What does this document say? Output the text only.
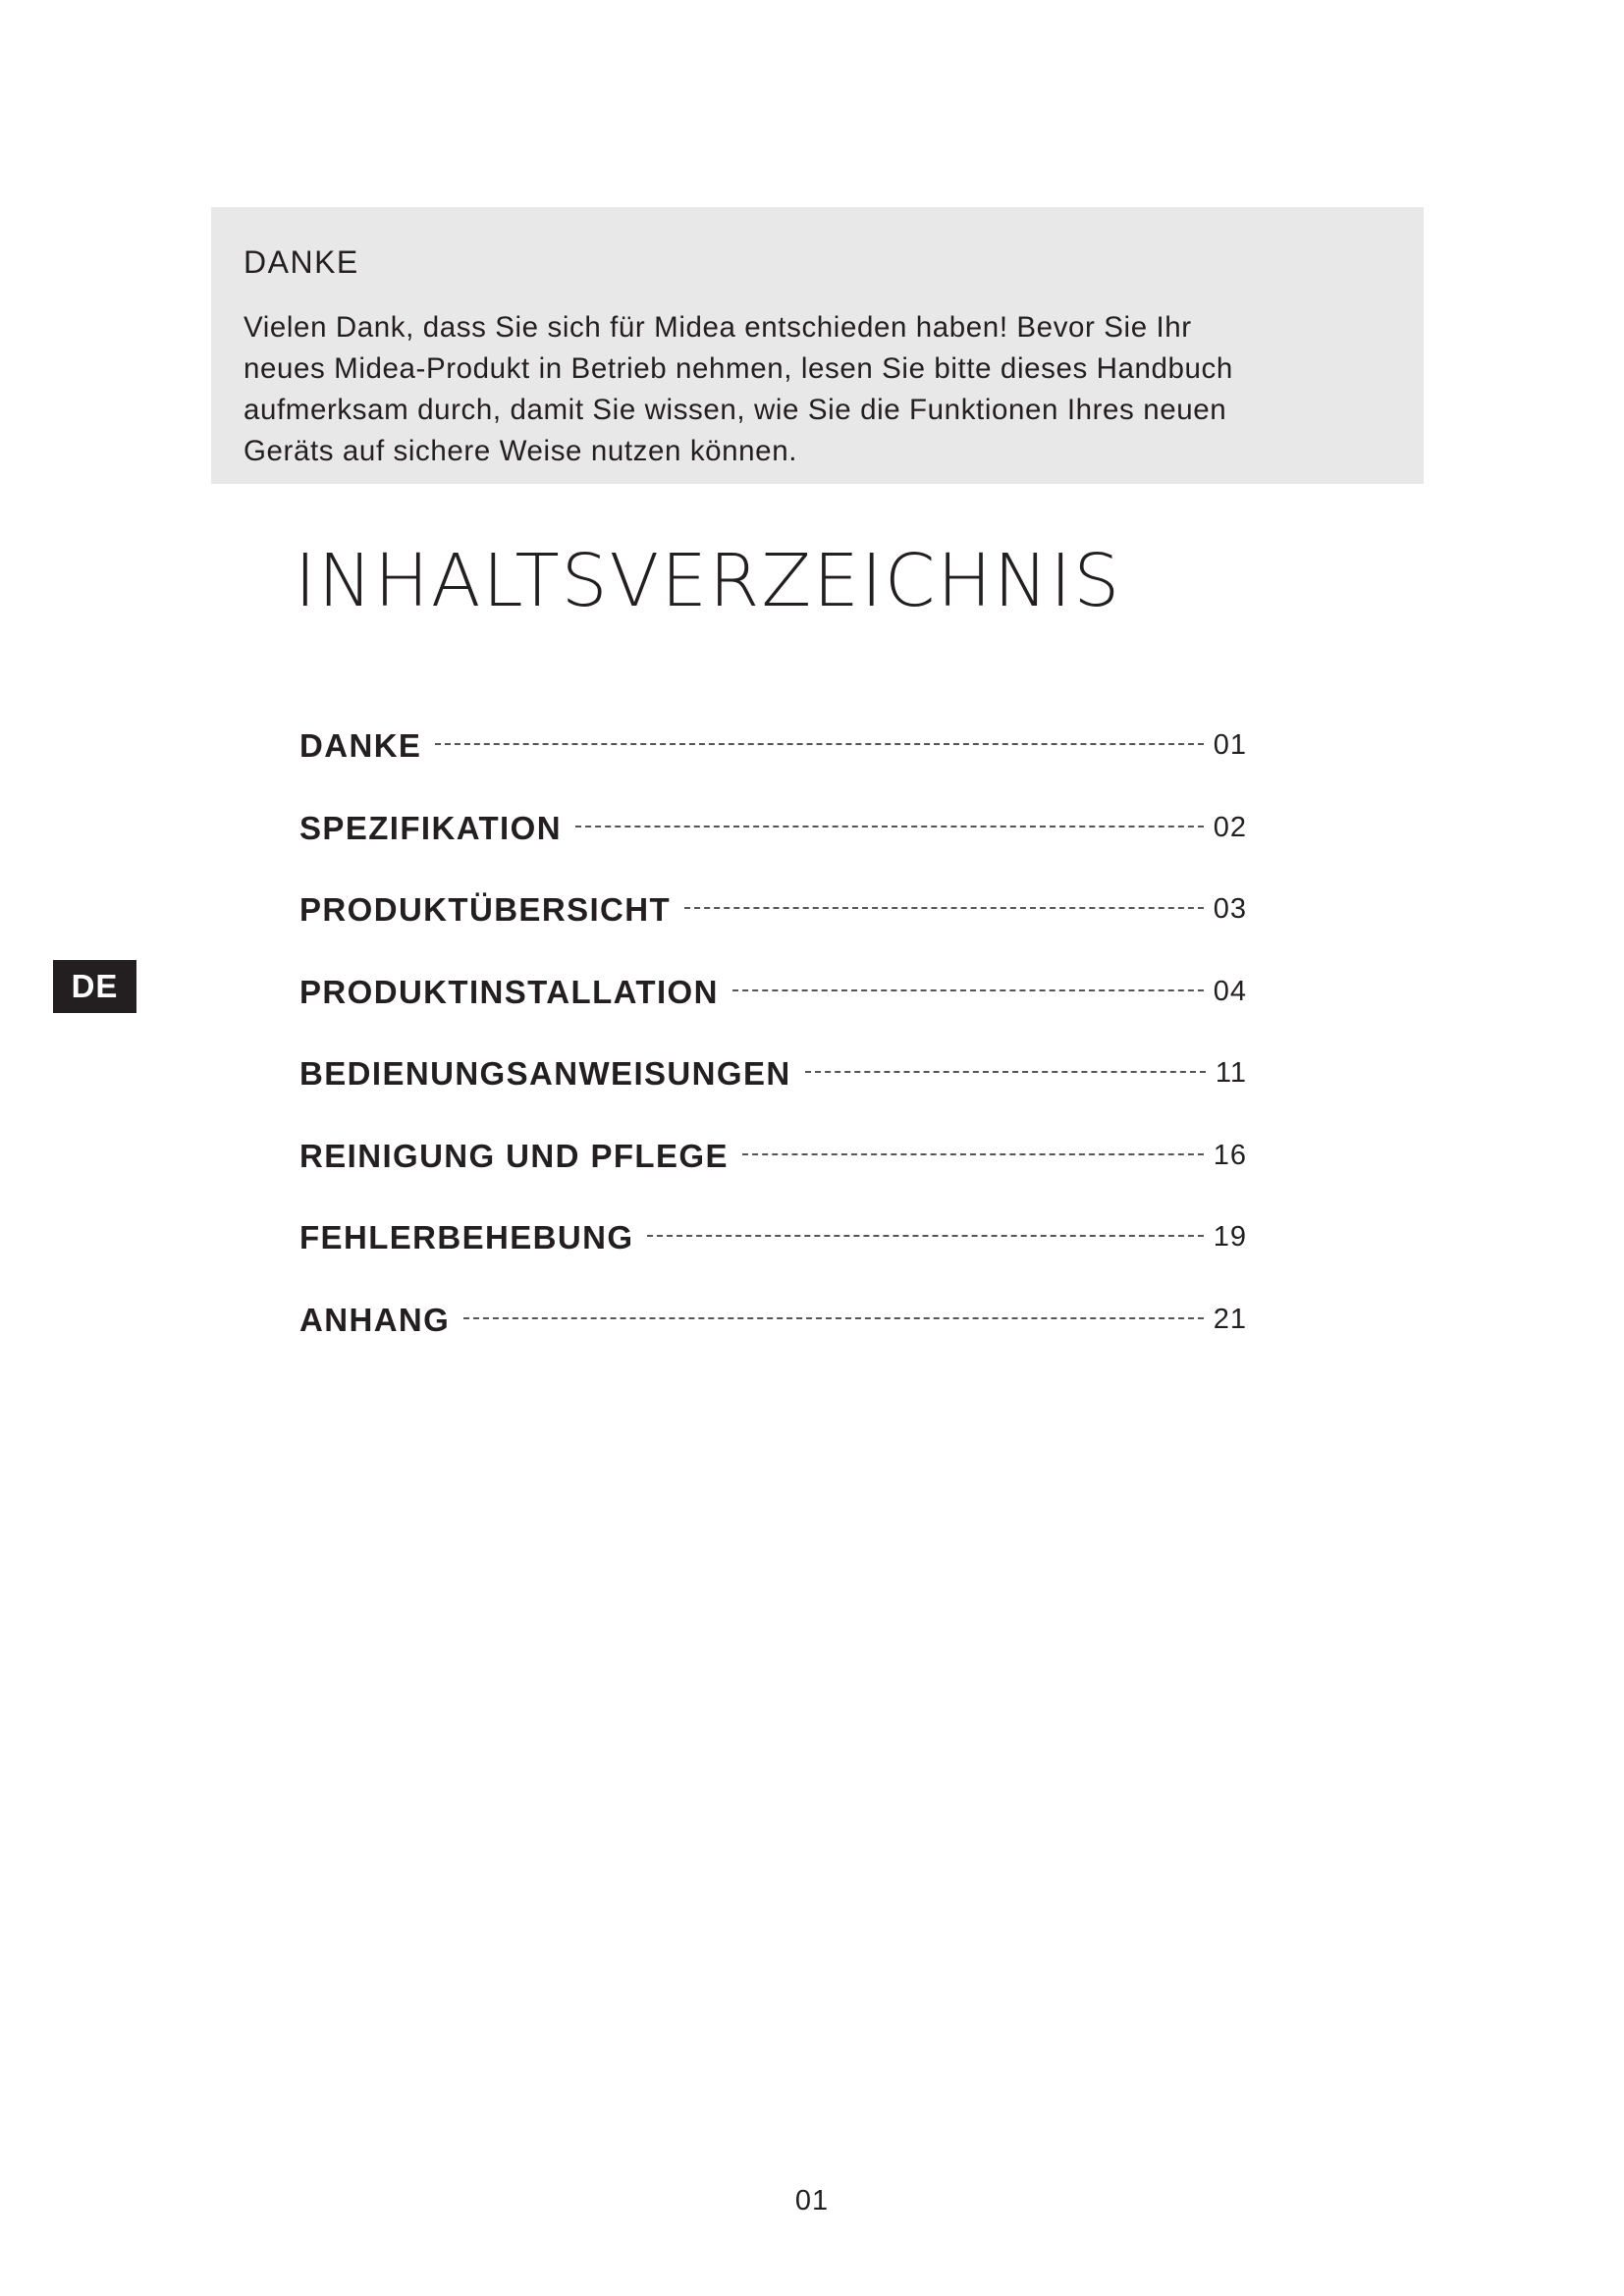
DANKE

Vielen Dank, dass Sie sich für Midea entschieden haben! Bevor Sie Ihr
neues Midea-Produkt in Betrieb nehmen, lesen Sie bitte dieses Handbuch
aufmerksam durch, damit Sie wissen, wie Sie die Funktionen Ihres neuen
Geräts auf sichere Weise nutzen können.

INHALTSVERZEICHNIS
DANKE	01
SPEZIFIKATION	02
PRODUKTÜBERSICHT	03
PRODUKTINSTALLATION	04
BEDIENUNGSANWEISUNGEN	11
REINIGUNG UND PFLEGE	16
FEHLERBEHEBUNG	19
ANHANG	21
DE
01
